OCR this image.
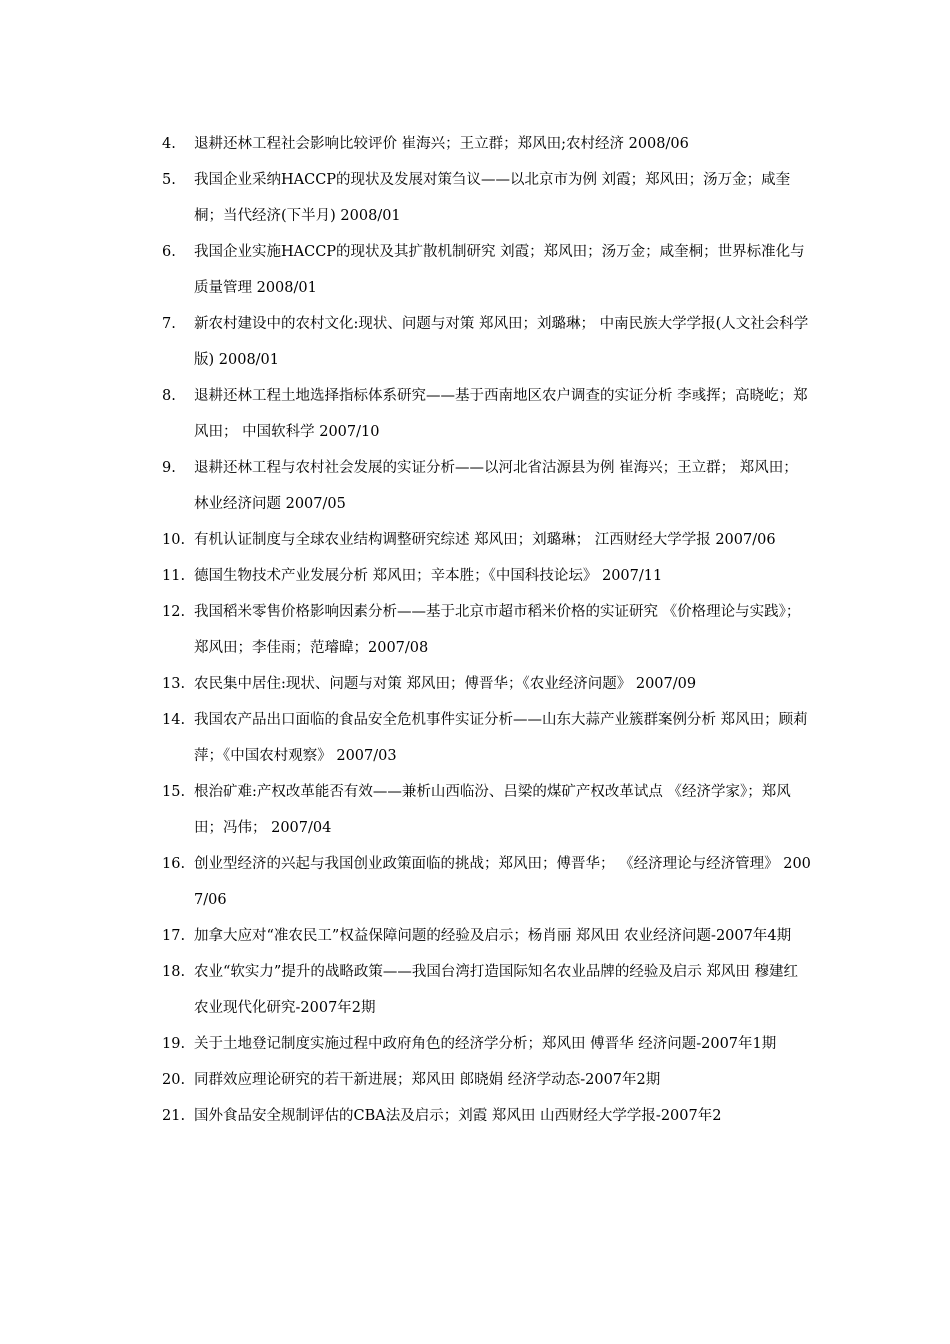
4.	退耕还林工程社会影响比较评价 崔海兴；王立群；郑风田;农村经济 2008/06
5.	我国企业采纳HACCP的现状及发展对策刍议——以北京市为例 刘霞；郑风田；汤万金；咸奎桐；当代经济(下半月) 2008/01
6.	我国企业实施HACCP的现状及其扩散机制研究 刘霞；郑风田；汤万金；咸奎桐；世界标准化与质量管理 2008/01
7.	新农村建设中的农村文化:现状、问题与对策 郑风田；刘璐琳； 中南民族大学学报(人文社会科学版) 2008/01
8.	退耕还林工程土地选择指标体系研究——基于西南地区农户调查的实证分析 李彧挥；高晓屹；郑风田； 中国软科学 2007/10
9.	退耕还林工程与农村社会发展的实证分析——以河北省沽源县为例 崔海兴；王立群； 郑风田；林业经济问题 2007/05
10. 有机认证制度与全球农业结构调整研究综述 郑风田；刘璐琳； 江西财经大学学报 2007/06
11. 德国生物技术产业发展分析 郑风田；辛本胜；《中国科技论坛》 2007/11
12. 我国稻米零售价格影响因素分析——基于北京市超市稻米价格的实证研究 《价格理论与实践》；郑风田；李佳雨；范璿暐；2007/08
13. 农民集中居住:现状、问题与对策 郑风田；傅晋华；《农业经济问题》 2007/09
14. 我国农产品出口面临的食品安全危机事件实证分析——山东大蒜产业簇群案例分析 郑风田；顾莉萍；《中国农村观察》 2007/03
15. 根治矿难:产权改革能否有效——兼析山西临汾、吕梁的煤矿产权改革试点 《经济学家》；郑风田；冯伟； 2007/04
16. 创业型经济的兴起与我国创业政策面临的挑战；郑风田；傅晋华； 《经济理论与经济管理》 2007/06
17. 加拿大应对“准农民工”权益保障问题的经验及启示；杨肖丽 郑风田 农业经济问题-2007年4期
18. 农业“软实力”提升的战略政策——我国台湾打造国际知名农业品牌的经验及启示 郑风田 穆建红 农业现代化研究-2007年2期
19. 关于土地登记制度实施过程中政府角色的经济学分析；郑风田 傅晋华 经济问题-2007年1期
20. 同群效应理论研究的若干新进展；郑风田 郎晓娟 经济学动态-2007年2期
21. 国外食品安全规制评估的CBA法及启示；刘霞 郑风田 山西财经大学学报-2007年2
